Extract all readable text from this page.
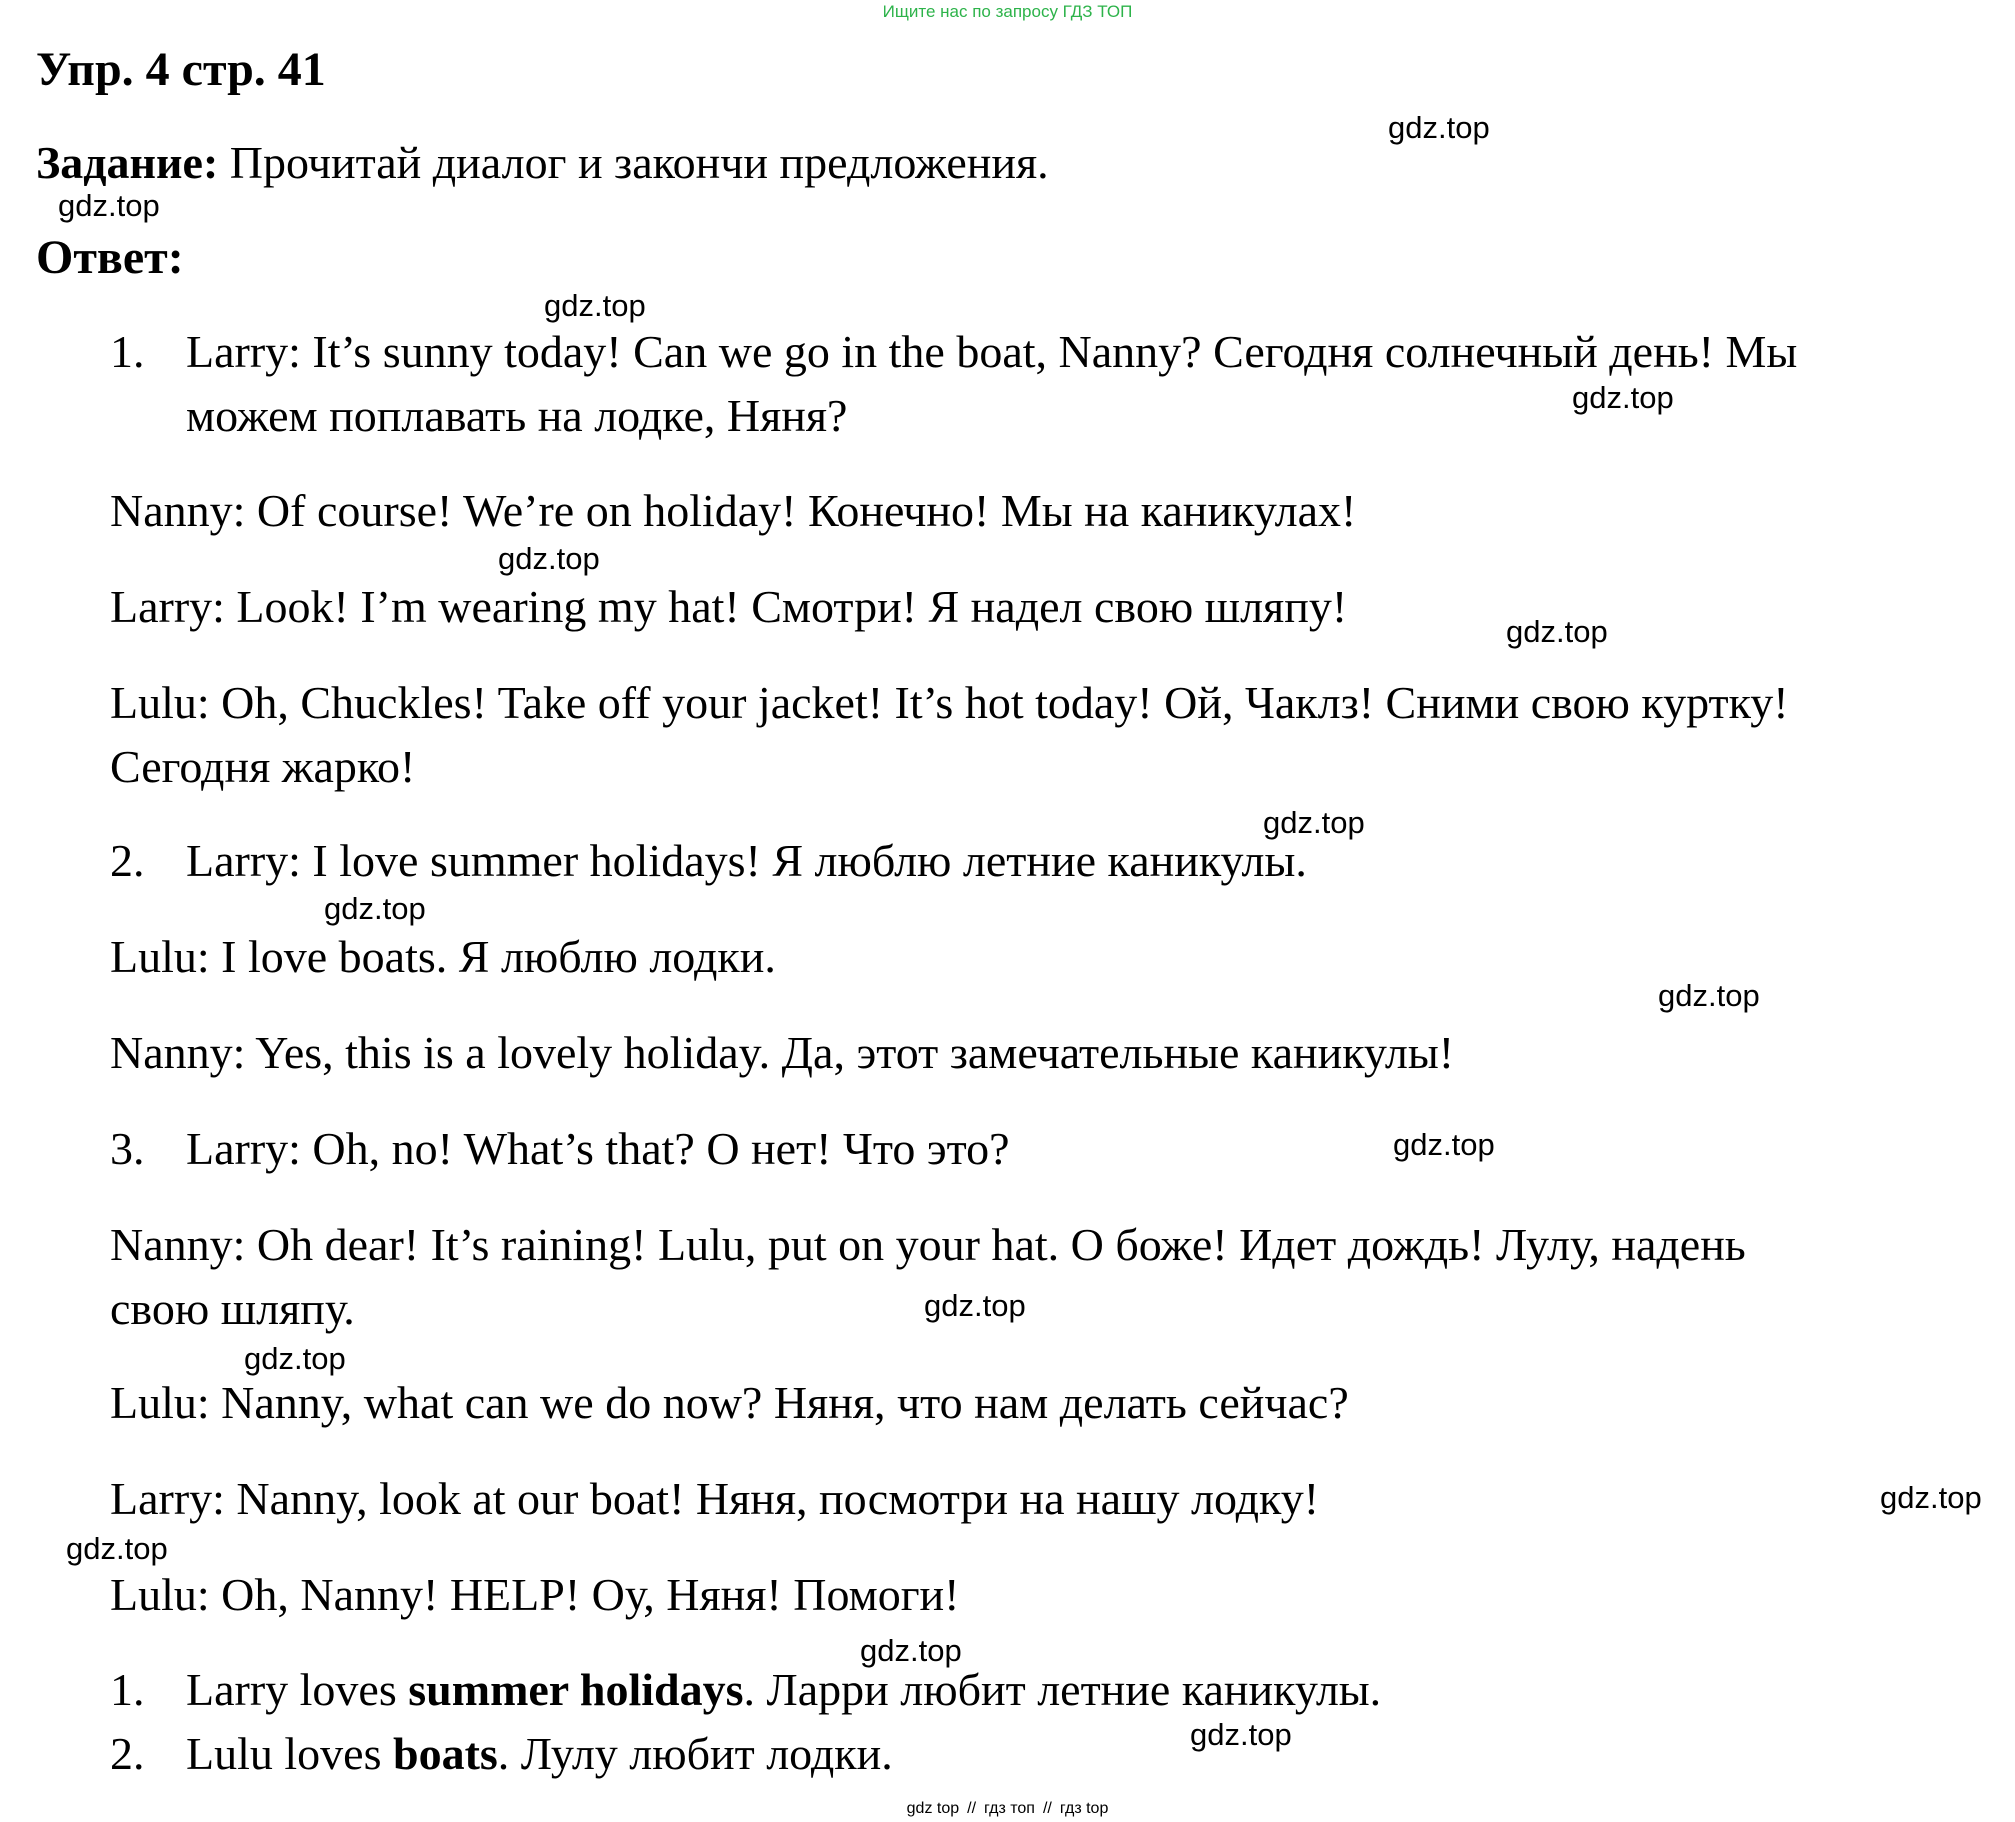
Ищите нас по запросу ГДЗ ТОП
Упр. 4 стр. 41
Задание: Прочитай диалог и закончи предложения.
Ответ:
1. Larry: It’s sunny today! Can we go in the boat, Nanny? Сегодня солнечный день! Мы
можем поплавать на лодке, Няня?
Nanny: Of course! We’re on holiday! Конечно! Мы на каникулах!
Larry: Look! I’m wearing my hat! Смотри! Я надел свою шляпу!
Lulu: Oh, Chuckles! Take off your jacket! It’s hot today! Ой, Чаклз! Сними свою куртку!
Сегодня жарко!
2. Larry: I love summer holidays! Я люблю летние каникулы.
Lulu: I love boats. Я люблю лодки.
Nanny: Yes, this is a lovely holiday. Да, этот замечательные каникулы!
3. Larry: Oh, no! What’s that? О нет! Что это?
Nanny: Oh dear! It’s raining! Lulu, put on your hat. О боже! Идет дождь! Лулу, надень
свою шляпу.
Lulu: Nanny, what can we do now? Няня, что нам делать сейчас?
Larry: Nanny, look at our boat! Няня, посмотри на нашу лодку!
Lulu: Oh, Nanny! HELP! Оу, Няня! Помоги!
1. Larry loves summer holidays. Ларри любит летние каникулы.
2. Lulu loves boats. Лулу любит лодки.
gdz.top
gdz.top
gdz.top
gdz.top
gdz.top
gdz.top
gdz.top
gdz.top
gdz.top
gdz.top
gdz.top
gdz.top
gdz.top
gdz.top
gdz.top
gdz.top
gdz top // гдз топ // гдз top
